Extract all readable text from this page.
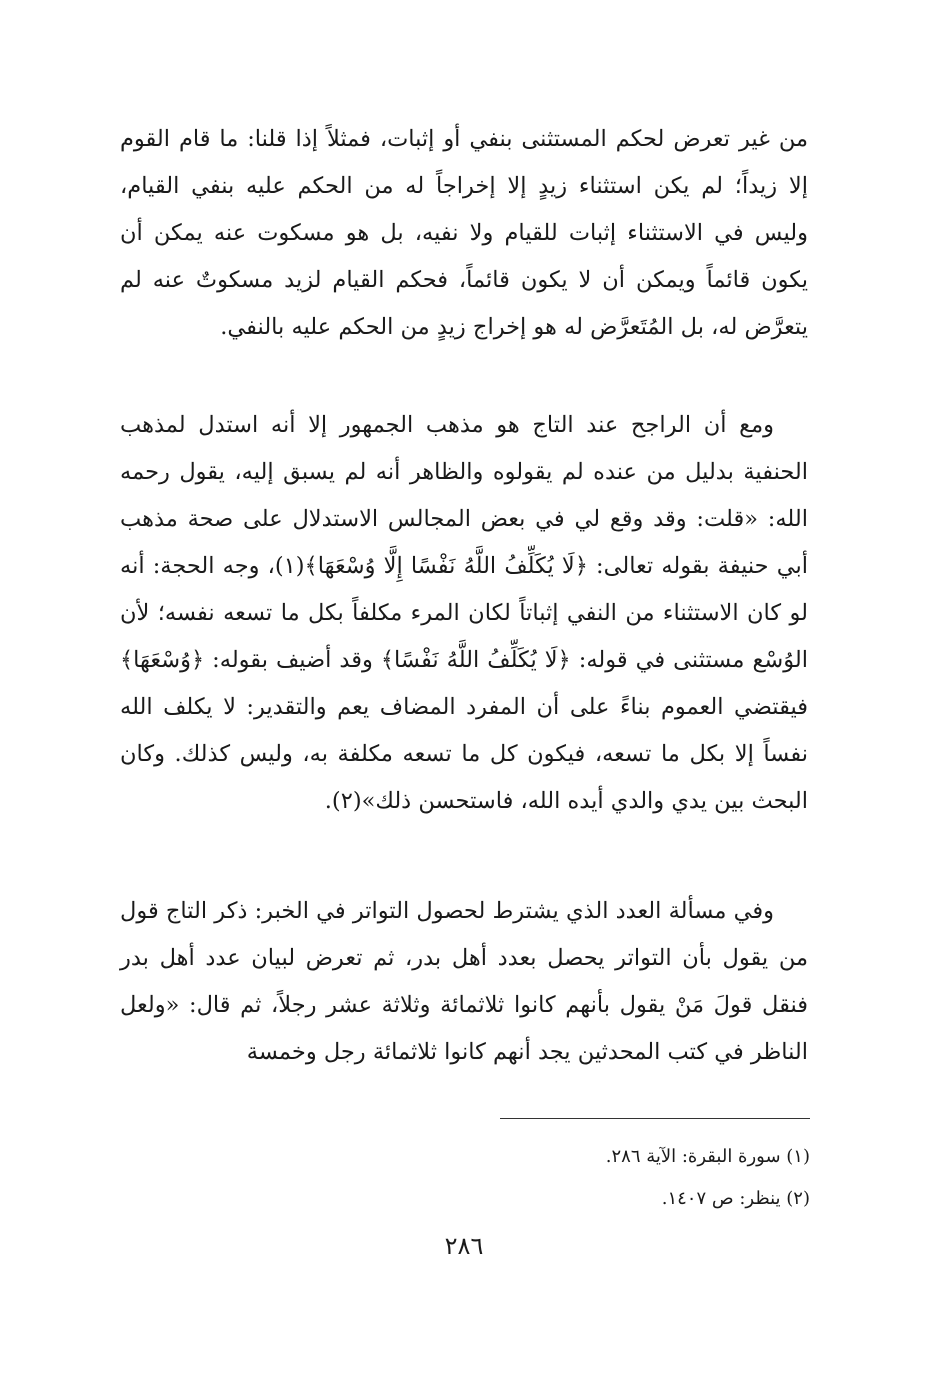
من غير تعرض لحكم المستثنى بنفي أو إثبات، فمثلاً إذا قلنا: ما قام القوم إلا زيداً؛ لم يكن استثناء زيدٍ إلا إخراجاً له من الحكم عليه بنفي القيام، وليس في الاستثناء إثبات للقيام ولا نفيه، بل هو مسكوت عنه يمكن أن يكون قائماً ويمكن أن لا يكون قائماً، فحكم القيام لزيد مسكوتٌ عنه لم يتعرَّض له، بل المُتَعرَّض له هو إخراج زيدٍ من الحكم عليه بالنفي.

ومع أن الراجح عند التاج هو مذهب الجمهور إلا أنه استدل لمذهب الحنفية بدليل من عنده لم يقولوه والظاهر أنه لم يسبق إليه، يقول رحمه الله: «قلت: وقد وقع لي في بعض المجالس الاستدلال على صحة مذهب أبي حنيفة بقوله تعالى: ﴿لَا يُكَلِّفُ اللَّهُ نَفْسًا إِلَّا وُسْعَهَا﴾(١)، وجه الحجة: أنه لو كان الاستثناء من النفي إثباتاً لكان المرء مكلفاً بكل ما تسعه نفسه؛ لأن الوُسْع مستثنى في قوله: ﴿لَا يُكَلِّفُ اللَّهُ نَفْسًا﴾ وقد أضيف بقوله: ﴿وُسْعَهَا﴾ فيقتضي العموم بناءً على أن المفرد المضاف يعم والتقدير: لا يكلف الله نفساً إلا بكل ما تسعه، فيكون كل ما تسعه مكلفة به، وليس كذلك. وكان البحث بين يدي والدي أيده الله، فاستحسن ذلك»(٢).

وفي مسألة العدد الذي يشترط لحصول التواتر في الخبر: ذكر التاج قول من يقول بأن التواتر يحصل بعدد أهل بدر، ثم تعرض لبيان عدد أهل بدر فنقل قولَ مَنْ يقول بأنهم كانوا ثلاثمائة وثلاثة عشر رجلاً، ثم قال: «ولعل الناظر في كتب المحدثين يجد أنهم كانوا ثلاثمائة رجل وخمسة

(١) سورة البقرة: الآية ٢٨٦.

(٢) ينظر: ص ١٤٠٧.

٢٨٦
